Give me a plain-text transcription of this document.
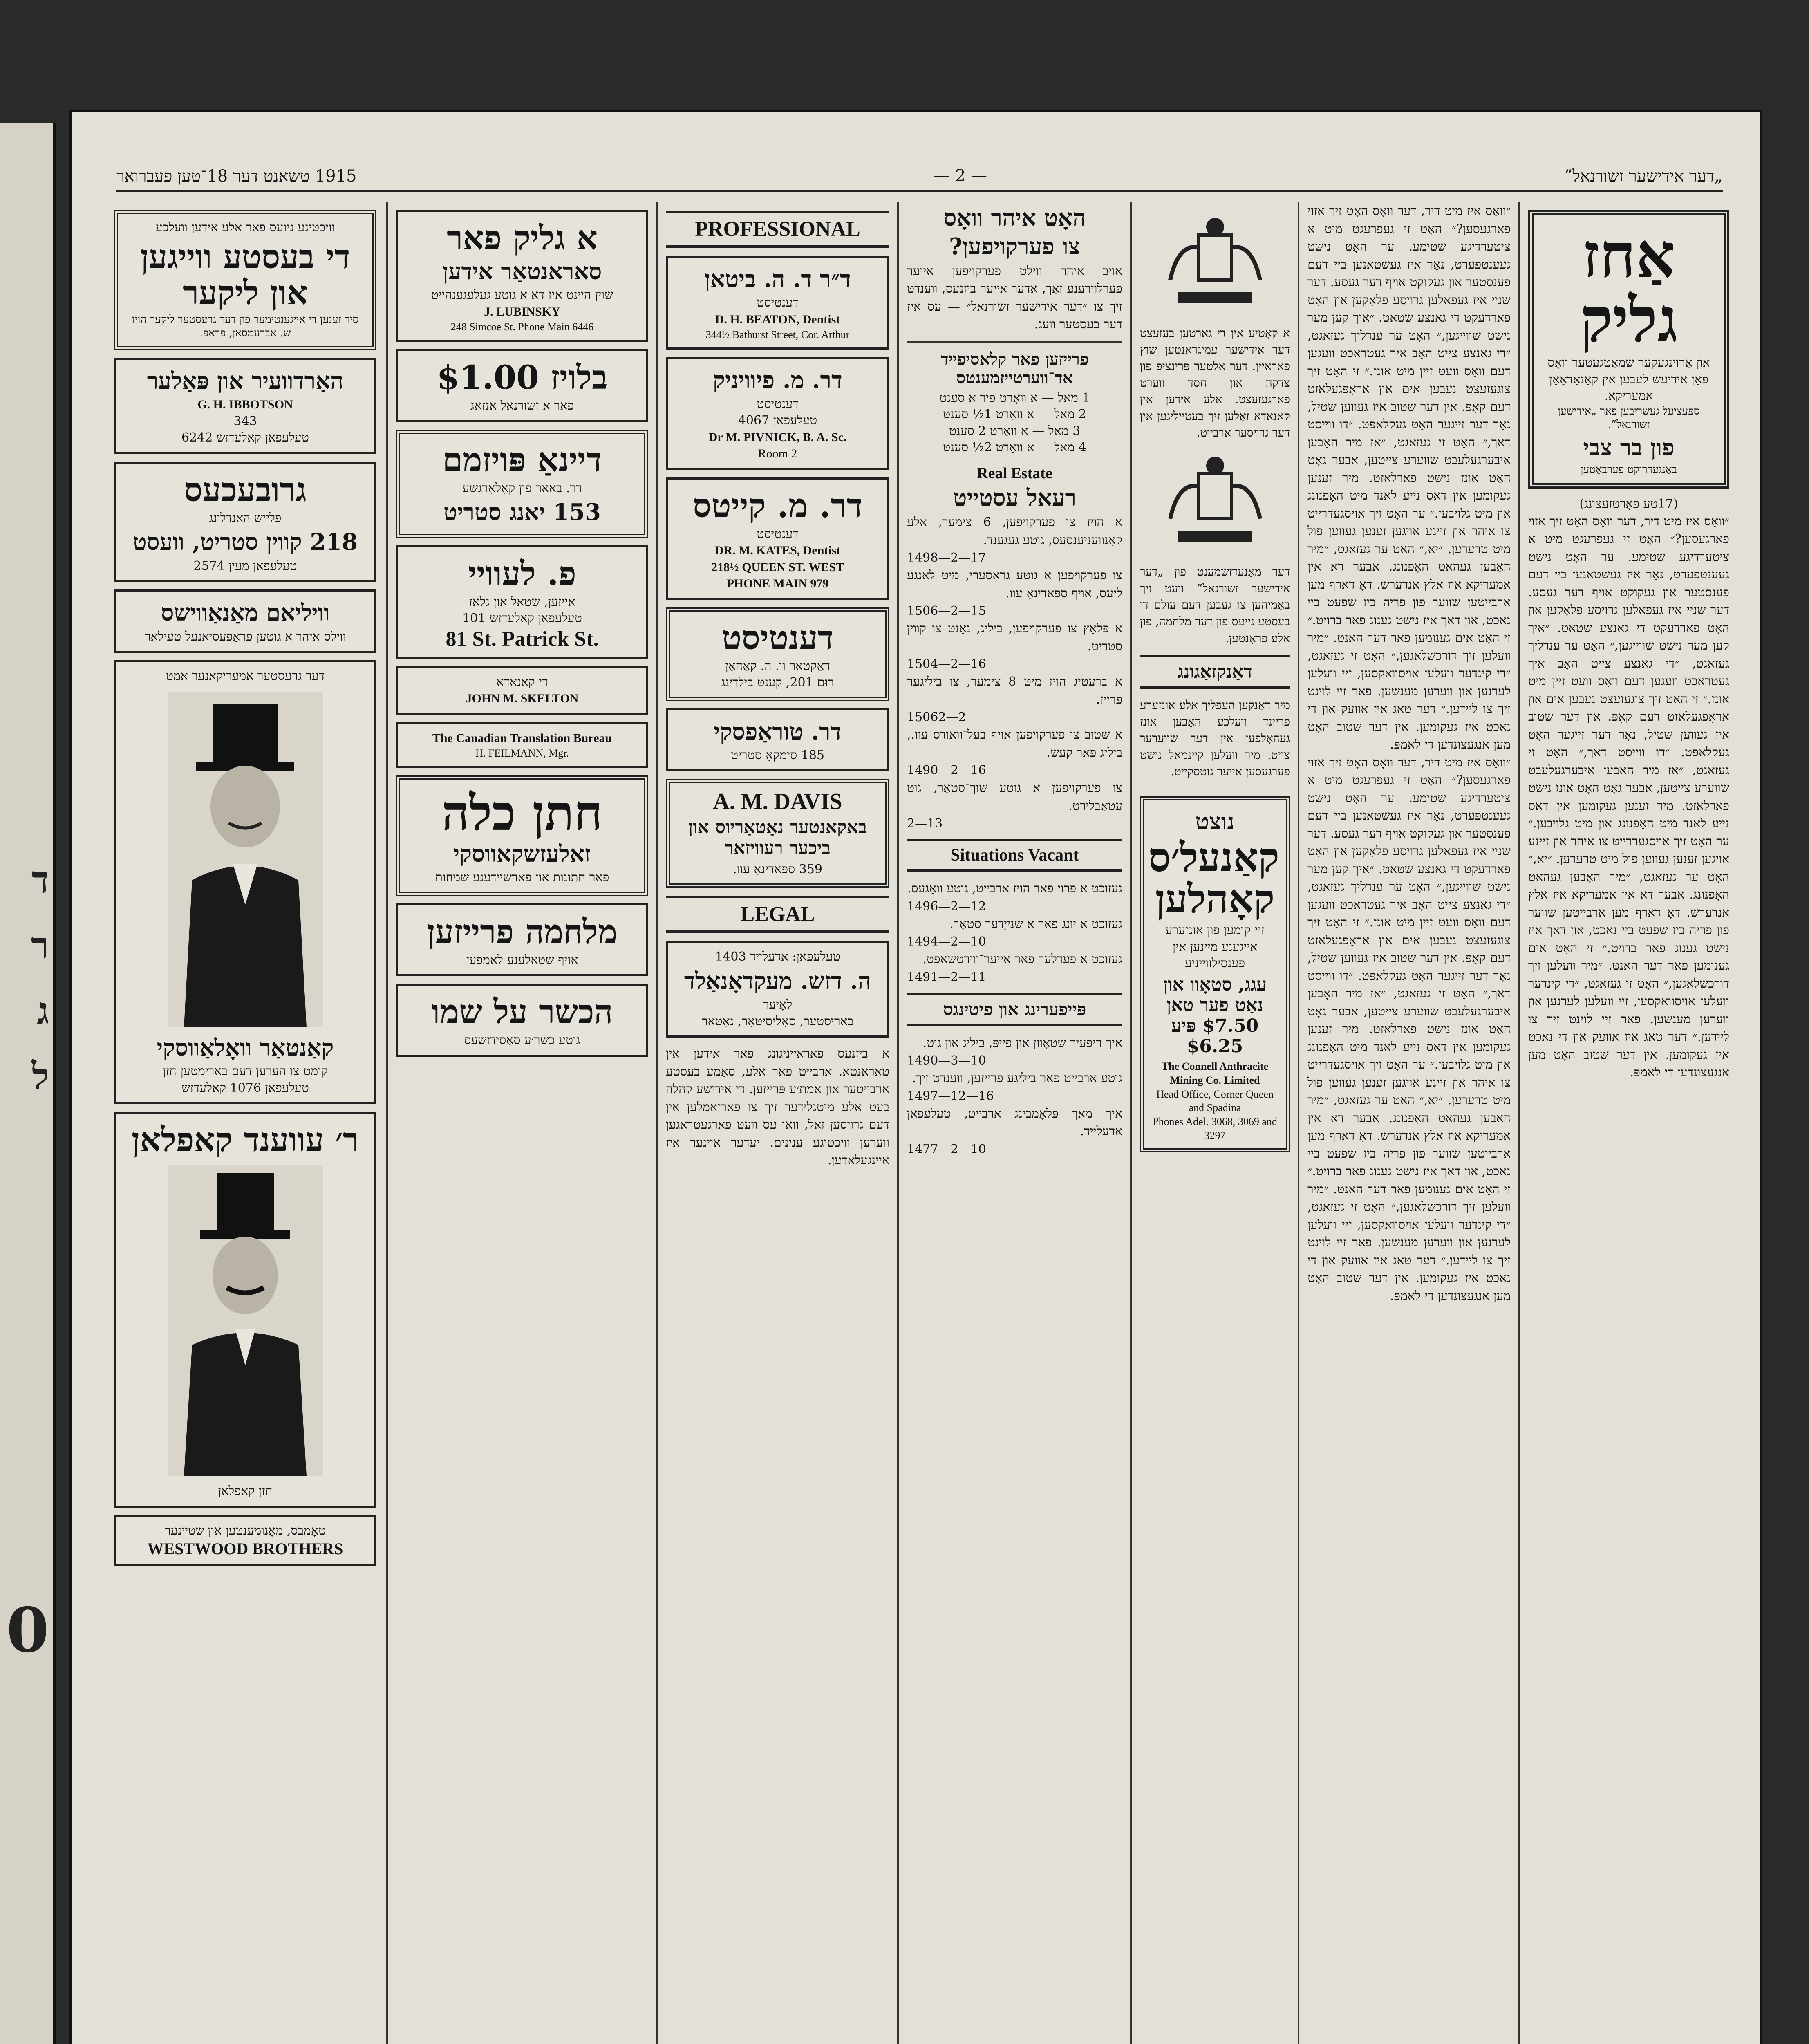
ד
ר
ג
ל
0
„דער אידישער זשורנאל”
— 2 —
1915 טשאנט דער 18־טען פעברואר
וויכטיגע ניועס פאר אלע אידען וועלכע
די בעסטע ווייגען און ליקער
סיר זענען די אייגענטימער פון דער גרעסטער ליקער הויז
ש. אברעמסאן, פראפ.
האַרדוועיר און פּאַלער
G. H. IBBOTSON
343
טעלעפאן קאלעדזש 6242
גרובעכעס
פלייש האנדלונג
218 קווין סטריט, וועסט
טעלעפאן מעין 2574
וויליאם מאַנאַווישס
ווילס איהר א גוטען פראַפעסיאנעל טעילאר
דער גרעסטער אמעריקאנער אמט
קאַנטאַר וואָלאַווסקי
קומט צו הערען דעם באַרימטען חזן
טעלעפאן 1076 קאלעדזש
ר׳ עווענד קאפלאן
חזן קאפלאן
טאָמבס, מאָנומענטען און שטיינער
WESTWOOD BROTHERS
א גליק פאר
סאראנטאַר אידען
שוין היינט איז דא א גוטע געלעגענהייט
J. LUBINSKY
248 Simcoe St. Phone Main 6446
בלויז $1.00
פאר א זשורנאל אנזאג
דיינאַ פּויזמם
דר. באַאר פון קאָלאָרגשע
153 יאנג סטריט
פ. לעוויי
אייזען, שטאל און גלאז
טעלעפאן קאלעדזש 101
81 St. Patrick St.
די קאנאדא
JOHN M. SKELTON
The Canadian Translation Bureau
H. FEILMANN, Mgr.
חתן כלה
זאלעזשקאווסקי
פאר חתונות און פארשיידענע שמחות
מלחמה פרייזען
אויף שטאלענע לאמפען
הכשר על שמו
גוטע כשר׳ע סאַסידזשעס
PROFESSIONAL
ד״ר ד. ה. ביטאן
דענטיסט
D. H. BEATON, Dentist
344½ Bathurst Street, Cor. Arthur
דר. מ. פיוויניק
דענטיסט
טעלעפאן 4067
Dr M. PIVNICK, B. A. Sc.
Room 2
דר. מ. קייטס
דענטיסט
DR. M. KATES, Dentist
218½ QUEEN ST. WEST
PHONE MAIN 979
דענטיסט
דאַקטאר וו. ה. קאַהאַן
רוּם 201, קענט בילדינג
דר. טוראַפסקי
185 סימקאָ סטריט
A. M. DAVIS
באקאנטער נאָטאַריוס און ביכער רעוויזאר
359 ספּאַדינאַ עוו.
LEGAL
טעלעפאן: אדעלייד 1403
ה. דזש. מעקדאָנאַלד
לאָיער
באַריסטער, סאָליסיטאָר, נאָטאַר
א ביזנעס פאראייניגונג פאר אידען אין טאראנטא. ארבייט פאר אלע, סאַמע בעסטע ארבייטער און אמת׳ע פּרייזען. די אידישע קהלה בעט אלע מיטגלידער זיך צו פארזאמלען אין דעם גרויסען זאל, וואו עס וועט פארגעטראגען ווערען וויכטיגע ענינים. יעדער איינער איז איינגעלאדען.
האָט איהר וואָס
צו פערקויפען?
אויב איהר ווילט פערקויפען אייער פערלוירענע זאַך, אדער אייער ביזנעס, ווענדט זיך צו ״דער אידישער זשורנאל״ — עס איז דער בעסטער וועג.
פרייזען פאר קלאסיפייד אד־ווערטייזמענטס
1 מאל — א וואָרט פיר אַ סענט
2 מאל — א וואָרט 1½ סענט
3 מאל — א וואָרט 2 סענט
4 מאל — א וואָרט 2½ סענט
Real Estate
רעאל עסטייט
א הויז צו פערקויפען, 6 צימער, אלע קאָנוועניענסעס, גוטע געגענד.
1498—2—17
צו פערקויפען א גוטע גראָסערי, מיט לאַנגע ליעס, אויף ספּאַדינאַ עוו.
1506—2—15
א פּלאַץ צו פערקויפען, ביליג, נאָנט צו קווין סטריט.
1504—2—16
א ברעטיג הויז מיט 8 צימער, צו ביליגער פרייז.
15062—2
א שטוב צו פערקויפען אויף בעל־וואודס עוו., ביליג פאר קעש.
1490—2—16
צו פערקויפען א גוטע שוך־סטאָר, גוט עטאַבלירט.
2—13
Situations Vacant
געזוכט א פרוי פאר הויז ארבייט, גוטע וואַגעס.
1496—2—12
געזוכט א יונג פאר א שנייַדער סטאָר.
1494—2—10
געזוכט א פעדלער פאר אייער־ווירטשאַפט.
1491—2—11
פּייפערינג און פיטינגס
איך ריפּעיר שטאָוון און פייפּ, ביליג און גוט.
1490—3—10
גוטע ארבייט פאר ביליגע פרייזען, ווענדט זיך.
1497—12—16
איך מאך פּלאָמבינג ארבייט, טעלעפאן אדעלייד.
1477—2—10
א קאָטיע אין די גארטען בעזעצט דער אידישער עמיגראנטען שוץ פאראיין. דער אלטער פּרינציפּ פון צדקה און חסד ווערט פארגעזעצט. אלע אידען אין קאנאדא זאָלען זיך בעטייליגען אין דער גרויסער ארבייט.
דער מאַנעדזשמענט פון „דער אידישער זשורנאל” וועט זיך באַמיהען צו געבען דעם עולם די בעסטע נייעס פון דער מלחמה, פון אלע פראָנטען.
דאַנקזאַגונג
מיר דאַנקען העפליך אלע אונזערע פריינד וועלכע האָבען אונז געהאָלפען אין דער שווערער צייט. מיר וועלען קיינמאל נישט פערגעסען אייער גוטסקייט.
נוצט
קאַנעל׳ס קאָהלען
זיי קומען פון אונזערע אייגענע מיינען אין פּענסילווייניע
עגג, סטאָוו און נאַט פער טאן $7.50 פּיע $6.25
The Connell Anthracite Mining Co. Limited
Head Office, Corner Queen and Spadina
Phones Adel. 3068, 3069 and 3297
אַחז גליק
און אַרוינגעקער שמאַטגעטער וואָס פאָן אידיעש לעבען אין קאַנאַדאַאַן אמעריקא.
ספּעציעל געשריבען פאר „אידישען זשורנאל”.
פון בר צבי
באַנגעדרוקט פערבאָטען
(17טע פאָרטזעצונג)
״וואָס איז מיט דיר, דער וואָס האָט זיך אזוי פארגעסען?״ האָט זי געפרעגט מיט א ציטערדיגע שטימע. ער האָט נישט געענטפערט, נאָר איז געשטאנען ביי דעם פענסטער און געקוקט אויף דער געסע. דער שניי איז געפאלען גרויסע פלאָקען און האָט פארדעקט די גאנצע שטאט. ״איך קען מער נישט שווייגען,״ האָט ער ענדליך געזאגט, ״די גאנצע צייט האָב איך געטראכט וועגען דעם וואָס וועט זיין מיט אונז.״ זי האָט זיך צוגעזעצט נעבען אים און אראָפּגעלאזט דעם קאָפּ. אין דער שטוב איז געווען שטיל, נאָר דער זייגער האָט געקלאפּט. ״דו ווייסט דאך,״ האָט זי געזאגט, ״אז מיר האָבען איבערגעלעבט שווערע צייטען, אבער גאָט האָט אונז נישט פארלאזט. מיר זענען געקומען אין דאס נייע לאנד מיט האָפנונג און מיט גלויבען.״ ער האָט זיך אויסגעדרייט צו איהר און זיינע אויגען זענען געווען פול מיט טרערען. ״יא,״ האָט ער געזאגט, ״מיר האָבען געהאט האָפנונג. אבער דא אין אמעריקא איז אלץ אנדערש. דאָ דארף מען ארבייטען שווער פון פריה ביז שפעט ביי נאכט, און דאך איז נישט גענוג פאר ברויט.״ זי האָט אים גענומען פאר דער האנט. ״מיר וועלען זיך דורכשלאגען,״ האָט זי געזאגט, ״די קינדער וועלען אויסוואקסען, זיי וועלען לערנען און ווערען מענשען. פאר זיי לוינט זיך צו ליידען.״ דער טאג איז אוועק און די נאכט איז געקומען. אין דער שטוב האָט מען אנגעצונדען די לאמפּ.
״וואָס איז מיט דיר, דער וואָס האָט זיך אזוי פארגעסען?״ האָט זי געפרעגט מיט א ציטערדיגע שטימע. ער האָט נישט געענטפערט, נאָר איז געשטאנען ביי דעם פענסטער און געקוקט אויף דער געסע. דער שניי איז געפאלען גרויסע פלאָקען און האָט פארדעקט די גאנצע שטאט. ״איך קען מער נישט שווייגען,״ האָט ער ענדליך געזאגט, ״די גאנצע צייט האָב איך געטראכט וועגען דעם וואָס וועט זיין מיט אונז.״ זי האָט זיך צוגעזעצט נעבען אים און אראָפּגעלאזט דעם קאָפּ. אין דער שטוב איז געווען שטיל, נאָר דער זייגער האָט געקלאפּט. ״דו ווייסט דאך,״ האָט זי געזאגט, ״אז מיר האָבען איבערגעלעבט שווערע צייטען, אבער גאָט האָט אונז נישט פארלאזט. מיר זענען געקומען אין דאס נייע לאנד מיט האָפנונג און מיט גלויבען.״ ער האָט זיך אויסגעדרייט צו איהר און זיינע אויגען זענען געווען פול מיט טרערען. ״יא,״ האָט ער געזאגט, ״מיר האָבען געהאט האָפנונג. אבער דא אין אמעריקא איז אלץ אנדערש. דאָ דארף מען ארבייטען שווער פון פריה ביז שפעט ביי נאכט, און דאך איז נישט גענוג פאר ברויט.״ זי האָט אים גענומען פאר דער האנט. ״מיר וועלען זיך דורכשלאגען,״ האָט זי געזאגט, ״די קינדער וועלען אויסוואקסען, זיי וועלען לערנען און ווערען מענשען. פאר זיי לוינט זיך צו ליידען.״ דער טאג איז אוועק און די נאכט איז געקומען. אין דער שטוב האָט מען אנגעצונדען די לאמפּ.
״וואָס איז מיט דיר, דער וואָס האָט זיך אזוי פארגעסען?״ האָט זי געפרעגט מיט א ציטערדיגע שטימע. ער האָט נישט געענטפערט, נאָר איז געשטאנען ביי דעם פענסטער און געקוקט אויף דער געסע. דער שניי איז געפאלען גרויסע פלאָקען און האָט פארדעקט די גאנצע שטאט. ״איך קען מער נישט שווייגען,״ האָט ער ענדליך געזאגט, ״די גאנצע צייט האָב איך געטראכט וועגען דעם וואָס וועט זיין מיט אונז.״ זי האָט זיך צוגעזעצט נעבען אים און אראָפּגעלאזט דעם קאָפּ. אין דער שטוב איז געווען שטיל, נאָר דער זייגער האָט געקלאפּט. ״דו ווייסט דאך,״ האָט זי געזאגט, ״אז מיר האָבען איבערגעלעבט שווערע צייטען, אבער גאָט האָט אונז נישט פארלאזט. מיר זענען געקומען אין דאס נייע לאנד מיט האָפנונג און מיט גלויבען.״ ער האָט זיך אויסגעדרייט צו איהר און זיינע אויגען זענען געווען פול מיט טרערען. ״יא,״ האָט ער געזאגט, ״מיר האָבען געהאט האָפנונג. אבער דא אין אמעריקא איז אלץ אנדערש. דאָ דארף מען ארבייטען שווער פון פריה ביז שפעט ביי נאכט, און דאך איז נישט גענוג פאר ברויט.״ זי האָט אים גענומען פאר דער האנט. ״מיר וועלען זיך דורכשלאגען,״ האָט זי געזאגט, ״די קינדער וועלען אויסוואקסען, זיי וועלען לערנען און ווערען מענשען. פאר זיי לוינט זיך צו ליידען.״ דער טאג איז אוועק און די נאכט איז געקומען. אין דער שטוב האָט מען אנגעצונדען די לאמפּ.
